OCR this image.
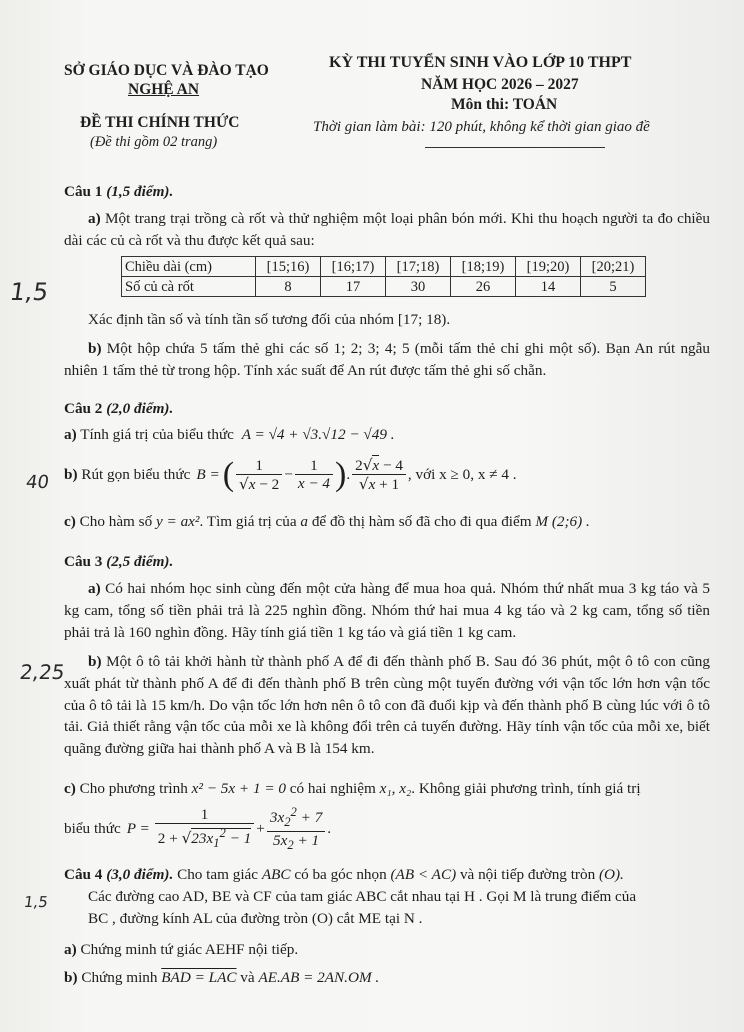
SỞ GIÁO DỤC VÀ ĐÀO TẠO
NGHỆ AN
ĐỀ THI CHÍNH THỨC
(Đề thi gồm 02 trang)
KỲ THI TUYỂN SINH VÀO LỚP 10 THPT
NĂM HỌC 2026 – 2027
Môn thi: TOÁN
Thời gian làm bài: 120 phút, không kể thời gian giao đề
1,5
40
2,25
1,5
Câu 1 (1,5 điểm).
a) Một trang trại trồng cà rốt và thử nghiệm một loại phân bón mới. Khi thu hoạch người ta đo chiều dài các củ cà rốt và thu được kết quả sau:
Chiều dài (cm)	[15;16)	[16;17)	[17;18)	[18;19)	[19;20)	[20;21)
Số củ cà rốt	8	17	30	26	14	5
Xác định tần số và tính tần số tương đối của nhóm [17; 18).
b) Một hộp chứa 5 tấm thẻ ghi các số 1; 2; 3; 4; 5 (mỗi tấm thẻ chỉ ghi một số). Bạn An rút ngẫu nhiên 1 tấm thẻ từ trong hộp. Tính xác suất để An rút được tấm thẻ ghi số chẵn.
Câu 2 (2,0 điểm).
a) Tính giá trị của biểu thức A = √4 + √3.√12 − √49 .
b)
Rút gọn biểu thức B = ( $\frac{1}{√x - 2} - \frac{1}{x - 4}$ ) . $\frac{2√x - 4}{√x + 1}$ , với x ≥ 0, x ≠ 4 .
c) Cho hàm số y = ax². Tìm giá trị của a để đồ thị hàm số đã cho đi qua điểm M (2;6) .
Câu 3 (2,5 điểm).
a) Có hai nhóm học sinh cùng đến một cửa hàng để mua hoa quả. Nhóm thứ nhất mua 3 kg táo và 5 kg cam, tổng số tiền phải trả là 225 nghìn đồng. Nhóm thứ hai mua 4 kg táo và 2 kg cam, tổng số tiền phải trả là 160 nghìn đồng. Hãy tính giá tiền 1 kg táo và giá tiền 1 kg cam.
b) Một ô tô tải khởi hành từ thành phố A để đi đến thành phố B. Sau đó 36 phút, một ô tô con cũng xuất phát từ thành phố A để đi đến thành phố B trên cùng một tuyến đường với vận tốc lớn hơn vận tốc của ô tô tải là 15 km/h. Do vận tốc lớn hơn nên ô tô con đã đuổi kịp và đến thành phố B cùng lúc với ô tô tải. Giả thiết rằng vận tốc của mỗi xe là không đổi trên cả tuyến đường. Hãy tính vận tốc của mỗi xe, biết quãng đường giữa hai thành phố A và B là 154 km.
c) Cho phương trình x² − 5x + 1 = 0 có hai nghiệm x₁, x₂. Không giải phương trình, tính giá trị
biểu thức $P = \frac{1}{2 + √23x_1^2 - 1} + \frac{3x_2^2 + 7}{5x_2 + 1}$ .
Câu 4 (3,0 điểm). Cho tam giác ABC có ba góc nhọn (AB < AC) và nội tiếp đường tròn (O).
Các đường cao AD, BE và CF của tam giác ABC cắt nhau tại H . Gọi M là trung điểm của
BC , đường kính AL của đường tròn (O) cắt ME tại N .
a) Chứng minh tứ giác AEHF nội tiếp.
b) Chứng minh BAD = LAC và AE.AB = 2AN.OM .
